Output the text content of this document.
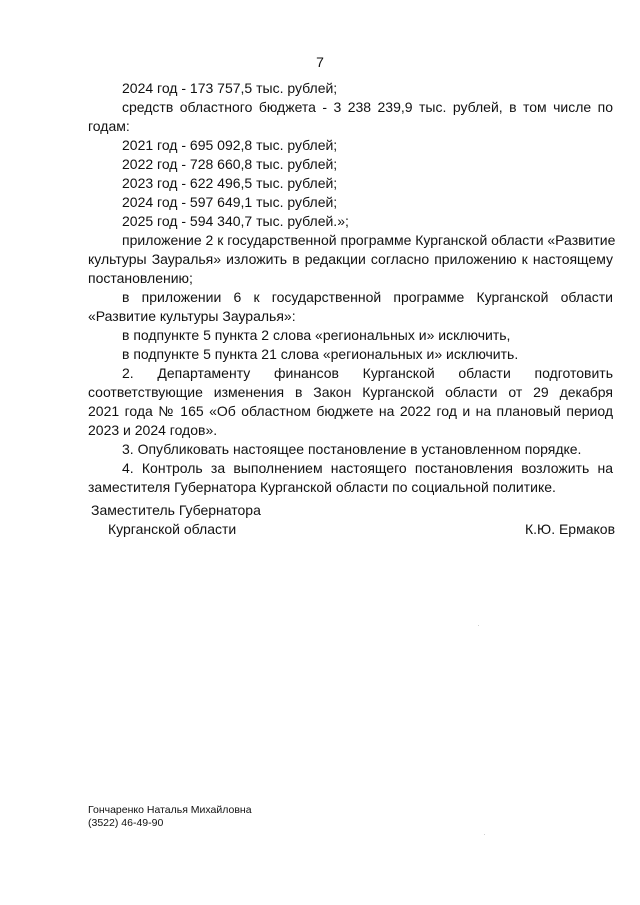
7
2024 год - 173 757,5 тыс. рублей;
средств областного бюджета - 3 238 239,9 тыс. рублей, в том числе по
годам:
2021 год - 695 092,8 тыс. рублей;
2022 год - 728 660,8 тыс. рублей;
2023 год - 622 496,5 тыс. рублей;
2024 год - 597 649,1 тыс. рублей;
2025 год - 594 340,7 тыс. рублей.»;
приложение 2 к государственной программе Курганской области «Развитие
культуры Зауралья» изложить в редакции согласно приложению к настоящему
постановлению;
в приложении 6 к государственной программе Курганской области
«Развитие культуры Зауралья»:
в подпункте 5 пункта 2 слова «региональных и» исключить,
в подпункте 5 пункта 21 слова «региональных и» исключить.
2. Департаменту финансов Курганской области подготовить
соответствующие изменения в Закон Курганской области от 29 декабря
2021 года № 165 «Об областном бюджете на 2022 год и на плановый период
2023 и 2024 годов».
3. Опубликовать настоящее постановление в установленном порядке.
4. Контроль за выполнением настоящего постановления возложить на
заместителя Губернатора Курганской области по социальной политике.
Заместитель Губернатора
Курганской области	К.Ю. Ермаков
Гончаренко Наталья Михайловна
(3522) 46-49-90
